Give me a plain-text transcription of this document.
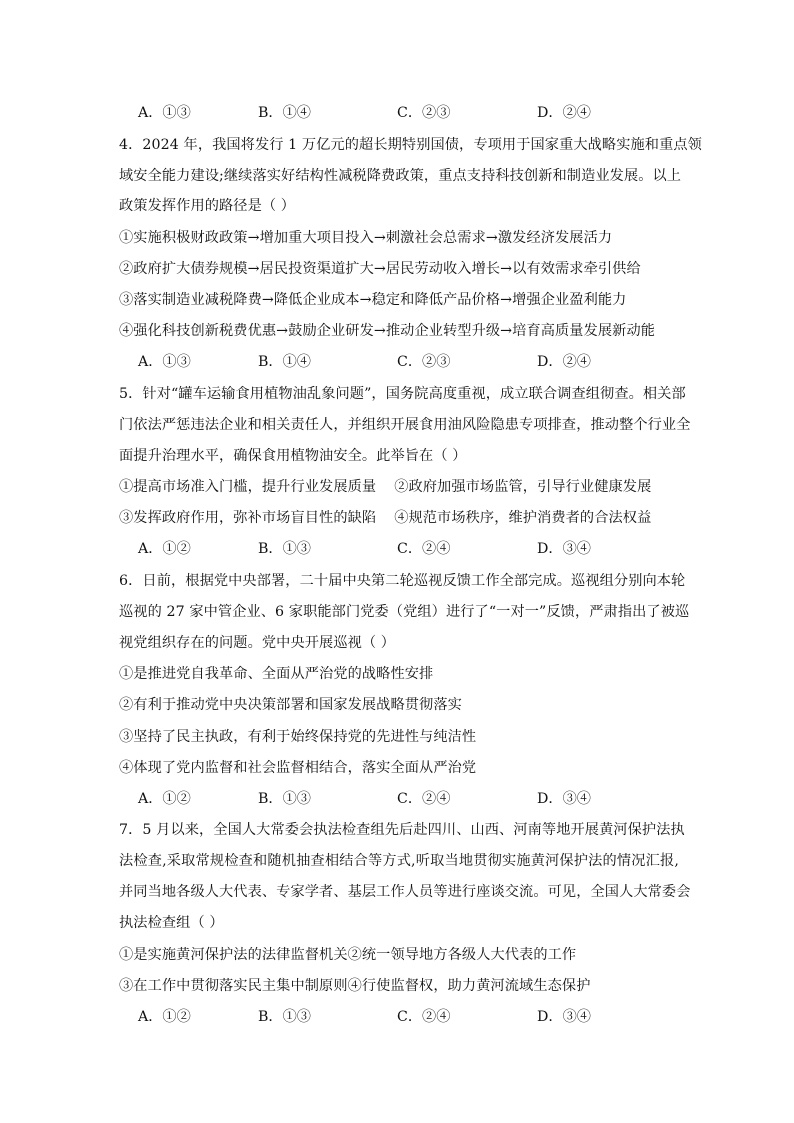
A．①③	B．①④	C．②③	D．②④
4．2024 年，我国将发行 1 万亿元的超长期特别国债，专项用于国家重大战略实施和重点领
域安全能力建设;继续落实好结构性减税降费政策，重点支持科技创新和制造业发展。以上
政策发挥作用的路径是（ ）
①实施积极财政政策→增加重大项目投入→刺激社会总需求→激发经济发展活力
②政府扩大债券规模→居民投资渠道扩大→居民劳动收入增长→以有效需求牵引供给
③落实制造业减税降费→降低企业成本→稳定和降低产品价格→增强企业盈利能力
④强化科技创新税费优惠→鼓励企业研发→推动企业转型升级→培育高质量发展新动能
A．①③	B．①④	C．②③	D．②④
5．针对“罐车运输食用植物油乱象问题”，国务院高度重视，成立联合调查组彻查。相关部
门依法严惩违法企业和相关责任人，并组织开展食用油风险隐患专项排查，推动整个行业全
面提升治理水平，确保食用植物油安全。此举旨在（ ）
①提高市场准入门槛，提升行业发展质量 ②政府加强市场监管，引导行业健康发展
③发挥政府作用，弥补市场盲目性的缺陷 ④规范市场秩序，维护消费者的合法权益
A．①②	B．①③	C．②④	D．③④
6．日前，根据党中央部署，二十届中央第二轮巡视反馈工作全部完成。巡视组分别向本轮
巡视的 27 家中管企业、6 家职能部门党委（党组）进行了“一对一”反馈，严肃指出了被巡
视党组织存在的问题。党中央开展巡视（ ）
①是推进党自我革命、全面从严治党的战略性安排
②有利于推动党中央决策部署和国家发展战略贯彻落实
③坚持了民主执政，有利于始终保持党的先进性与纯洁性
④体现了党内监督和社会监督相结合，落实全面从严治党
A．①②	B．①③	C．②④	D．③④
7．5 月以来，全国人大常委会执法检查组先后赴四川、山西、河南等地开展黄河保护法执
法检查,采取常规检查和随机抽查相结合等方式,听取当地贯彻实施黄河保护法的情况汇报,
并同当地各级人大代表、专家学者、基层工作人员等进行座谈交流。可见，全国人大常委会
执法检查组（ ）
①是实施黄河保护法的法律监督机关②统一领导地方各级人大代表的工作
③在工作中贯彻落实民主集中制原则④行使监督权，助力黄河流域生态保护
A．①②	B．①③	C．②④	D．③④
